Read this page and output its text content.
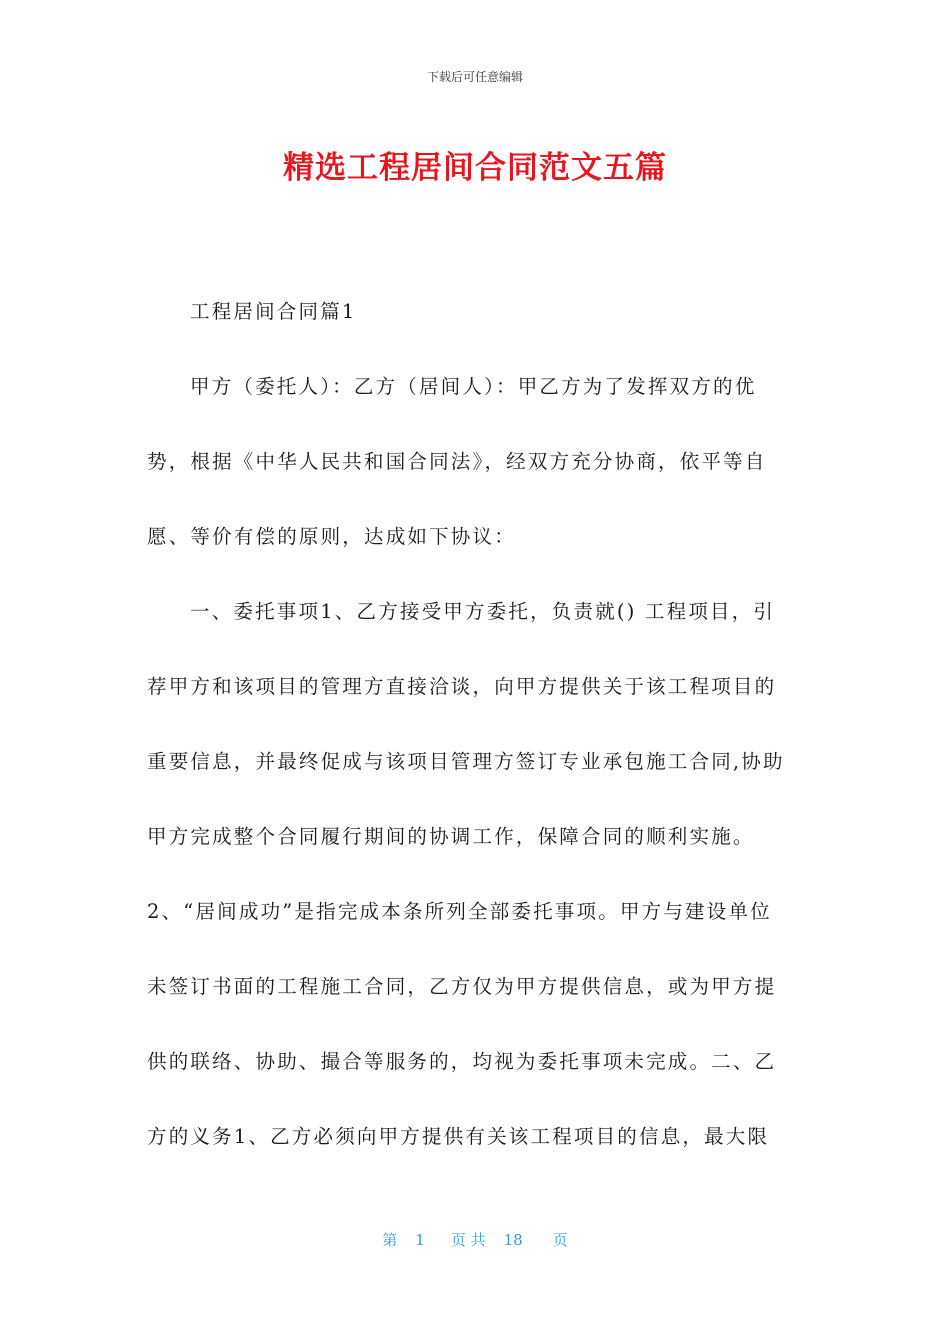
下载后可任意编辑
精选工程居间合同范文五篇
工程居间合同篇1
甲方（委托人）：乙方（居间人）：甲乙方为了发挥双方的优
势，根据《中华人民共和国合同法》，经双方充分协商，依平等自
愿、等价有偿的原则，达成如下协议：
一、委托事项1、乙方接受甲方委托，负责就() 工程项目，引
荐甲方和该项目的管理方直接洽谈，向甲方提供关于该工程项目的
重要信息，并最终促成与该项目管理方签订专业承包施工合同,协助
甲方完成整个合同履行期间的协调工作，保障合同的顺利实施。
2、“居间成功”是指完成本条所列全部委托事项。甲方与建设单位
未签订书面的工程施工合同，乙方仅为甲方提供信息，或为甲方提
供的联络、协助、撮合等服务的，均视为委托事项未完成。二、乙
方的义务1、乙方必须向甲方提供有关该工程项目的信息，最大限
第 1 页 共 18 页
